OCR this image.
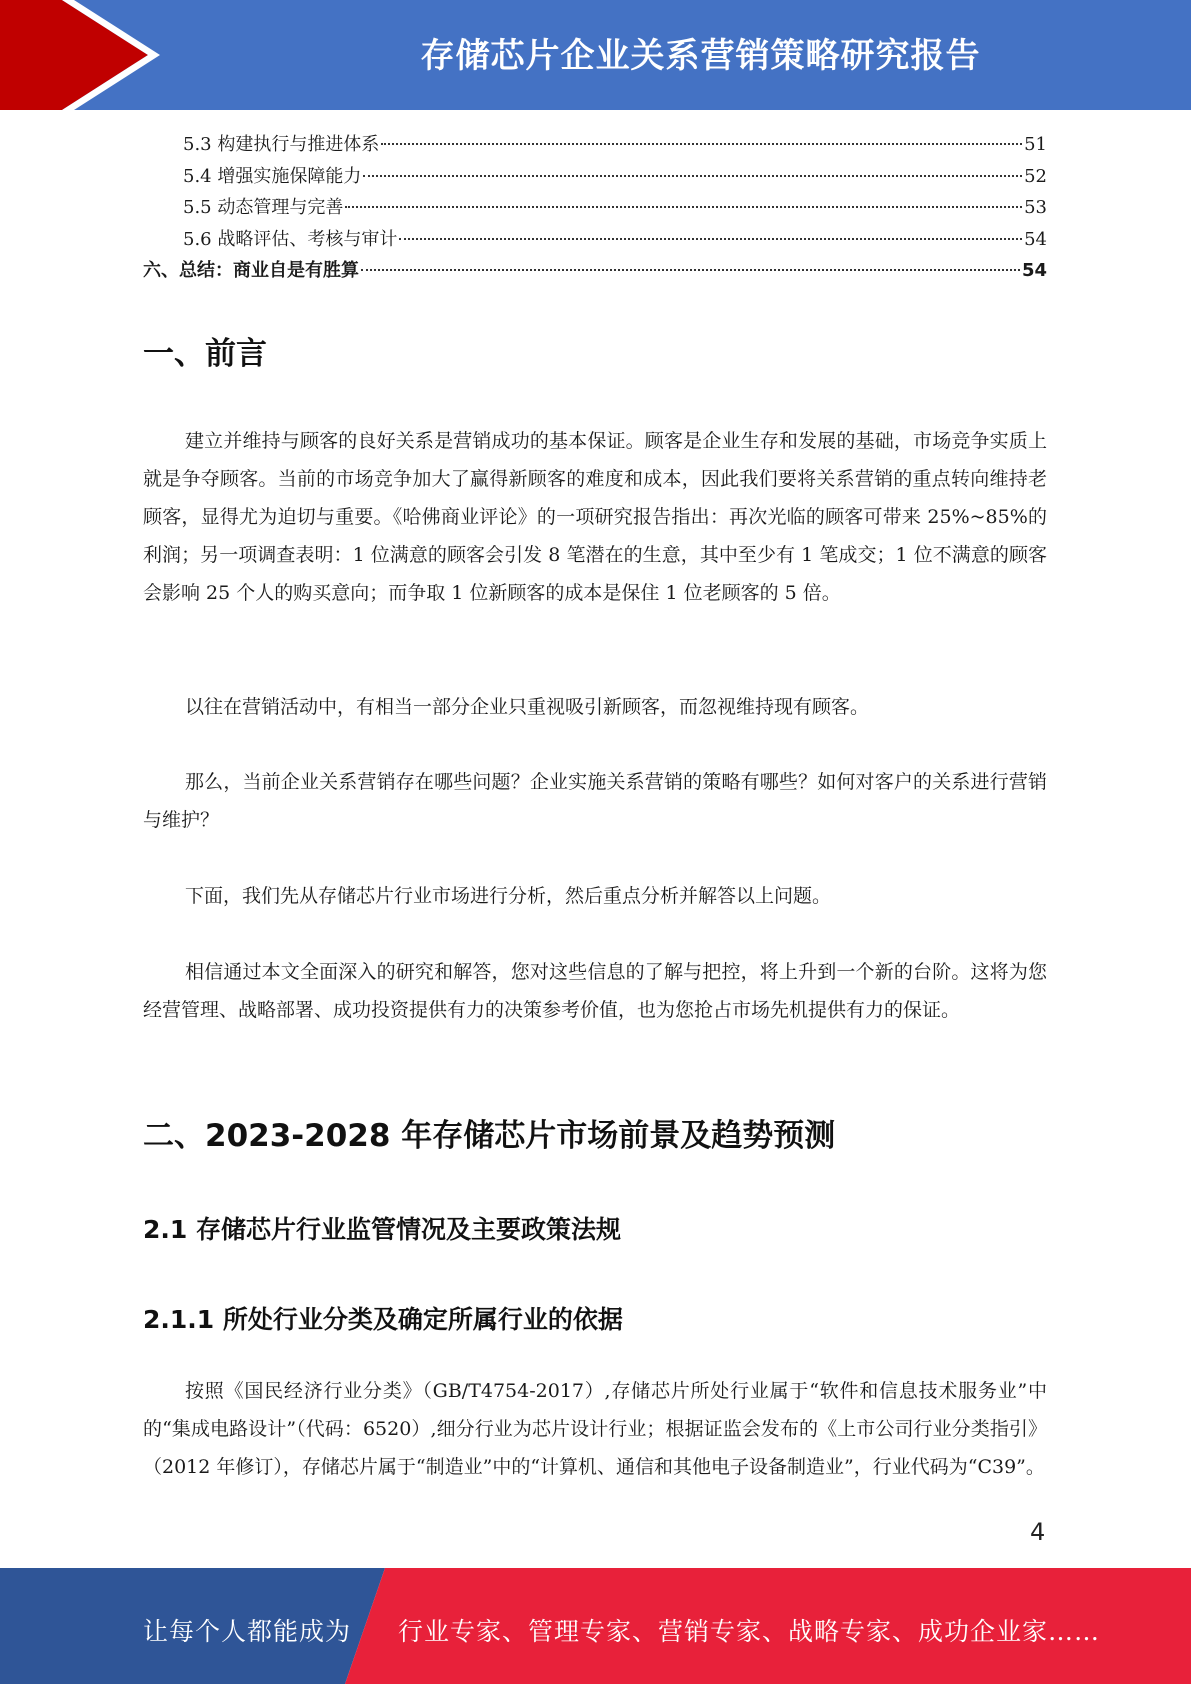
存储芯片企业关系营销策略研究报告
5.3 构建执行与推进体系	51
5.4 增强实施保障能力	52
5.5 动态管理与完善	53
5.6 战略评估、考核与审计	54
六、总结：商业自是有胜算	54
一、前言

建立并维持与顾客的良好关系是营销成功的基本保证。顾客是企业生存和发展的基础，市场竞争实质上就是争夺顾客。当前的市场竞争加大了赢得新顾客的难度和成本，因此我们要将关系营销的重点转向维持老顾客，显得尤为迫切与重要。《哈佛商业评论》的一项研究报告指出：再次光临的顾客可带来 25%~85%的利润；另一项调查表明：1 位满意的顾客会引发 8 笔潜在的生意，其中至少有 1 笔成交；1 位不满意的顾客会影响 25 个人的购买意向；而争取 1 位新顾客的成本是保住 1 位老顾客的 5 倍。

以往在营销活动中，有相当一部分企业只重视吸引新顾客，而忽视维持现有顾客。

那么，当前企业关系营销存在哪些问题？企业实施关系营销的策略有哪些？如何对客户的关系进行营销与维护？

下面，我们先从存储芯片行业市场进行分析，然后重点分析并解答以上问题。

相信通过本文全面深入的研究和解答，您对这些信息的了解与把控，将上升到一个新的台阶。这将为您经营管理、战略部署、成功投资提供有力的决策参考价值，也为您抢占市场先机提供有力的保证。

二、2023-2028 年存储芯片市场前景及趋势预测
2.1 存储芯片行业监管情况及主要政策法规
2.1.1 所处行业分类及确定所属行业的依据

按照《国民经济行业分类》（GB/T4754-2017）,存储芯片所处行业属于“软件和信息技术服务业”中的“集成电路设计”（代码：6520）,细分行业为芯片设计行业；根据证监会发布的《上市公司行业分类指引》（2012 年修订），存储芯片属于“制造业”中的“计算机、通信和其他电子设备制造业”，行业代码为“C39”。

4
让每个人都能成为 行业专家、管理专家、营销专家、战略专家、成功企业家……
